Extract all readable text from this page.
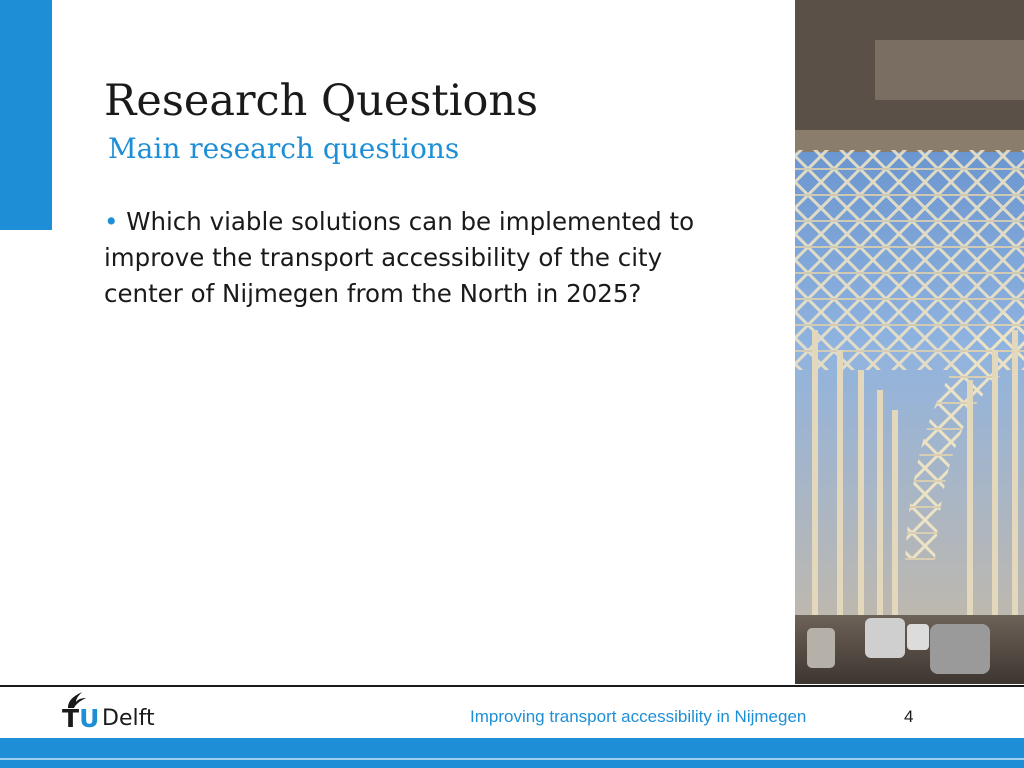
Research Questions
Main research questions
• Which viable solutions can be implemented to improve the transport accessibility of the city center of Nijmegen from the North in 2025?
TU Delft	Improving transport accessibility in Nijmegen	4
